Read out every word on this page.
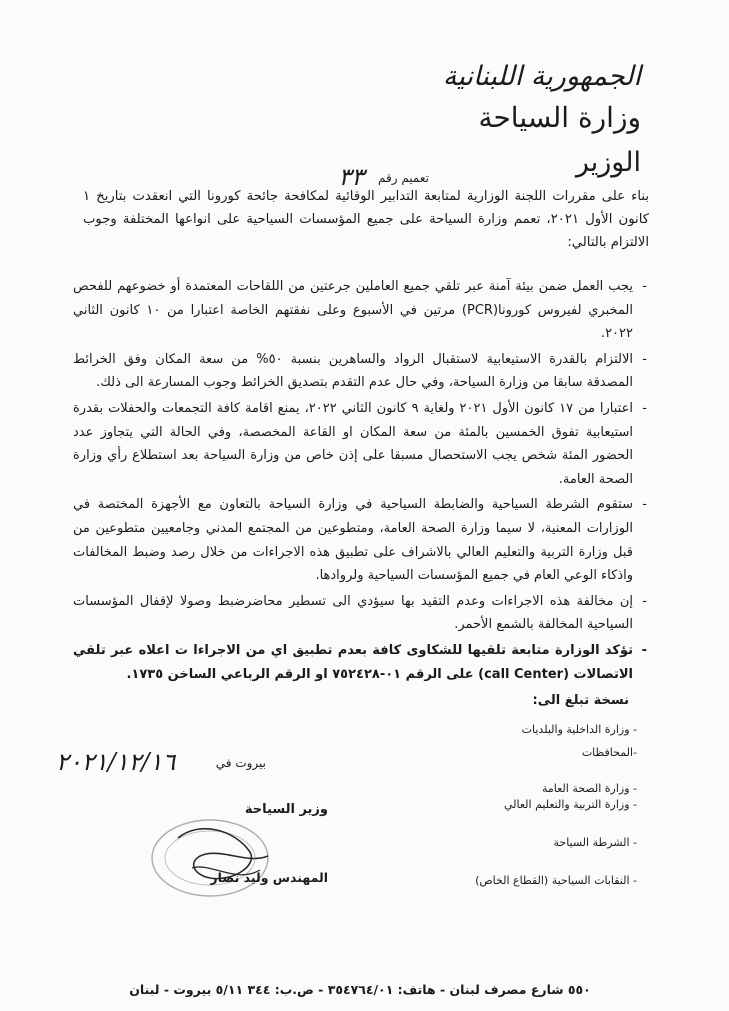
الجمهورية اللبنانية
وزارة السياحة
الوزير
تعميم رقم ٣٣

بناء على مقررات اللجنة الوزارية لمتابعة التدابير الوقائية لمكافحة جائحة كورونا التي انعقدت بتاريخ ١ كانون الأول ٢٠٢١، تعمم وزارة السياحة على جميع المؤسسات السياحية على انواعها المختلفة وجوب الالتزام بالتالي:

-
يجب العمل ضمن بيئة آمنة عبر تلقي جميع العاملين جرعتين من اللقاحات المعتمدة أو خضوعهم للفحص المخبري لفيروس كورونا(PCR) مرتين في الأسبوع وعلى نفقتهم الخاصة اعتبارا من ١٠ كانون الثاني ٢٠٢٢.
-
الالتزام بالقدرة الاستيعابية لاستقبال الرواد والساهرين بنسبة ٥٠% من سعة المكان وفق الخرائط المصدقة سابقا من وزارة السياحة، وفي حال عدم التقدم بتصديق الخرائط وجوب المسارعة الى ذلك.
-
اعتبارا من ١٧ كانون الأول ٢٠٢١ ولغاية ٩ كانون الثاني ٢٠٢٢، يمنع اقامة كافة التجمعات والحفلات بقدرة استيعابية تفوق الخمسين بالمئة من سعة المكان او القاعة المخصصة، وفي الحالة التي يتجاوز عدد الحضور المئة شخص يجب الاستحصال مسبقا على إذن خاص من وزارة السياحة بعد استطلاع رأي وزارة الصحة العامة.
-
ستقوم الشرطة السياحية والضابطة السياحية في وزارة السياحة بالتعاون مع الأجهزة المختصة في الوزارات المعنية، لا سيما وزارة الصحة العامة، ومتطوعين من المجتمع المدني وجامعيين متطوعين من قبل وزارة التربية والتعليم العالي بالاشراف على تطبيق هذه الاجراءات من خلال رصد وضبط المخالفات واذكاء الوعي العام في جميع المؤسسات السياحية ولروادها.
-
إن مخالفة هذه الاجراءات وعدم التقيد بها سيؤدي الى تسطير محاضرضبط وصولا لإقفال المؤسسات السياحية المخالفة بالشمع الأحمر.
-
تؤكد الوزارة متابعة تلقيها للشكاوى كافة بعدم تطبيق اي من الاجراءا ت اعلاه عبر تلقي الاتصالات (call Center) على الرقم ٠١-٧٥٢٤٢٨ او الرقم الرباعي الساخن ١٧٣٥.
نسخة تبلغ الى:
- وزارة الداخلية والبلديات
-المحافظات
- وزارة الصحة العامة
- وزارة التربية والتعليم العالي
- الشرطة السياحة
- النقابات السياحية (القطاع الخاص)
بيروت في
٢٠٢١/١٢/١٦
وزير السياحة
المهندس وليد نصار
٥٥٠ شارع مصرف لبنان - هاتف: ٣٥٤٧٦٤/٠١ - ص.ب: ٣٤٤ ٥/١١ بيروت - لبنان
